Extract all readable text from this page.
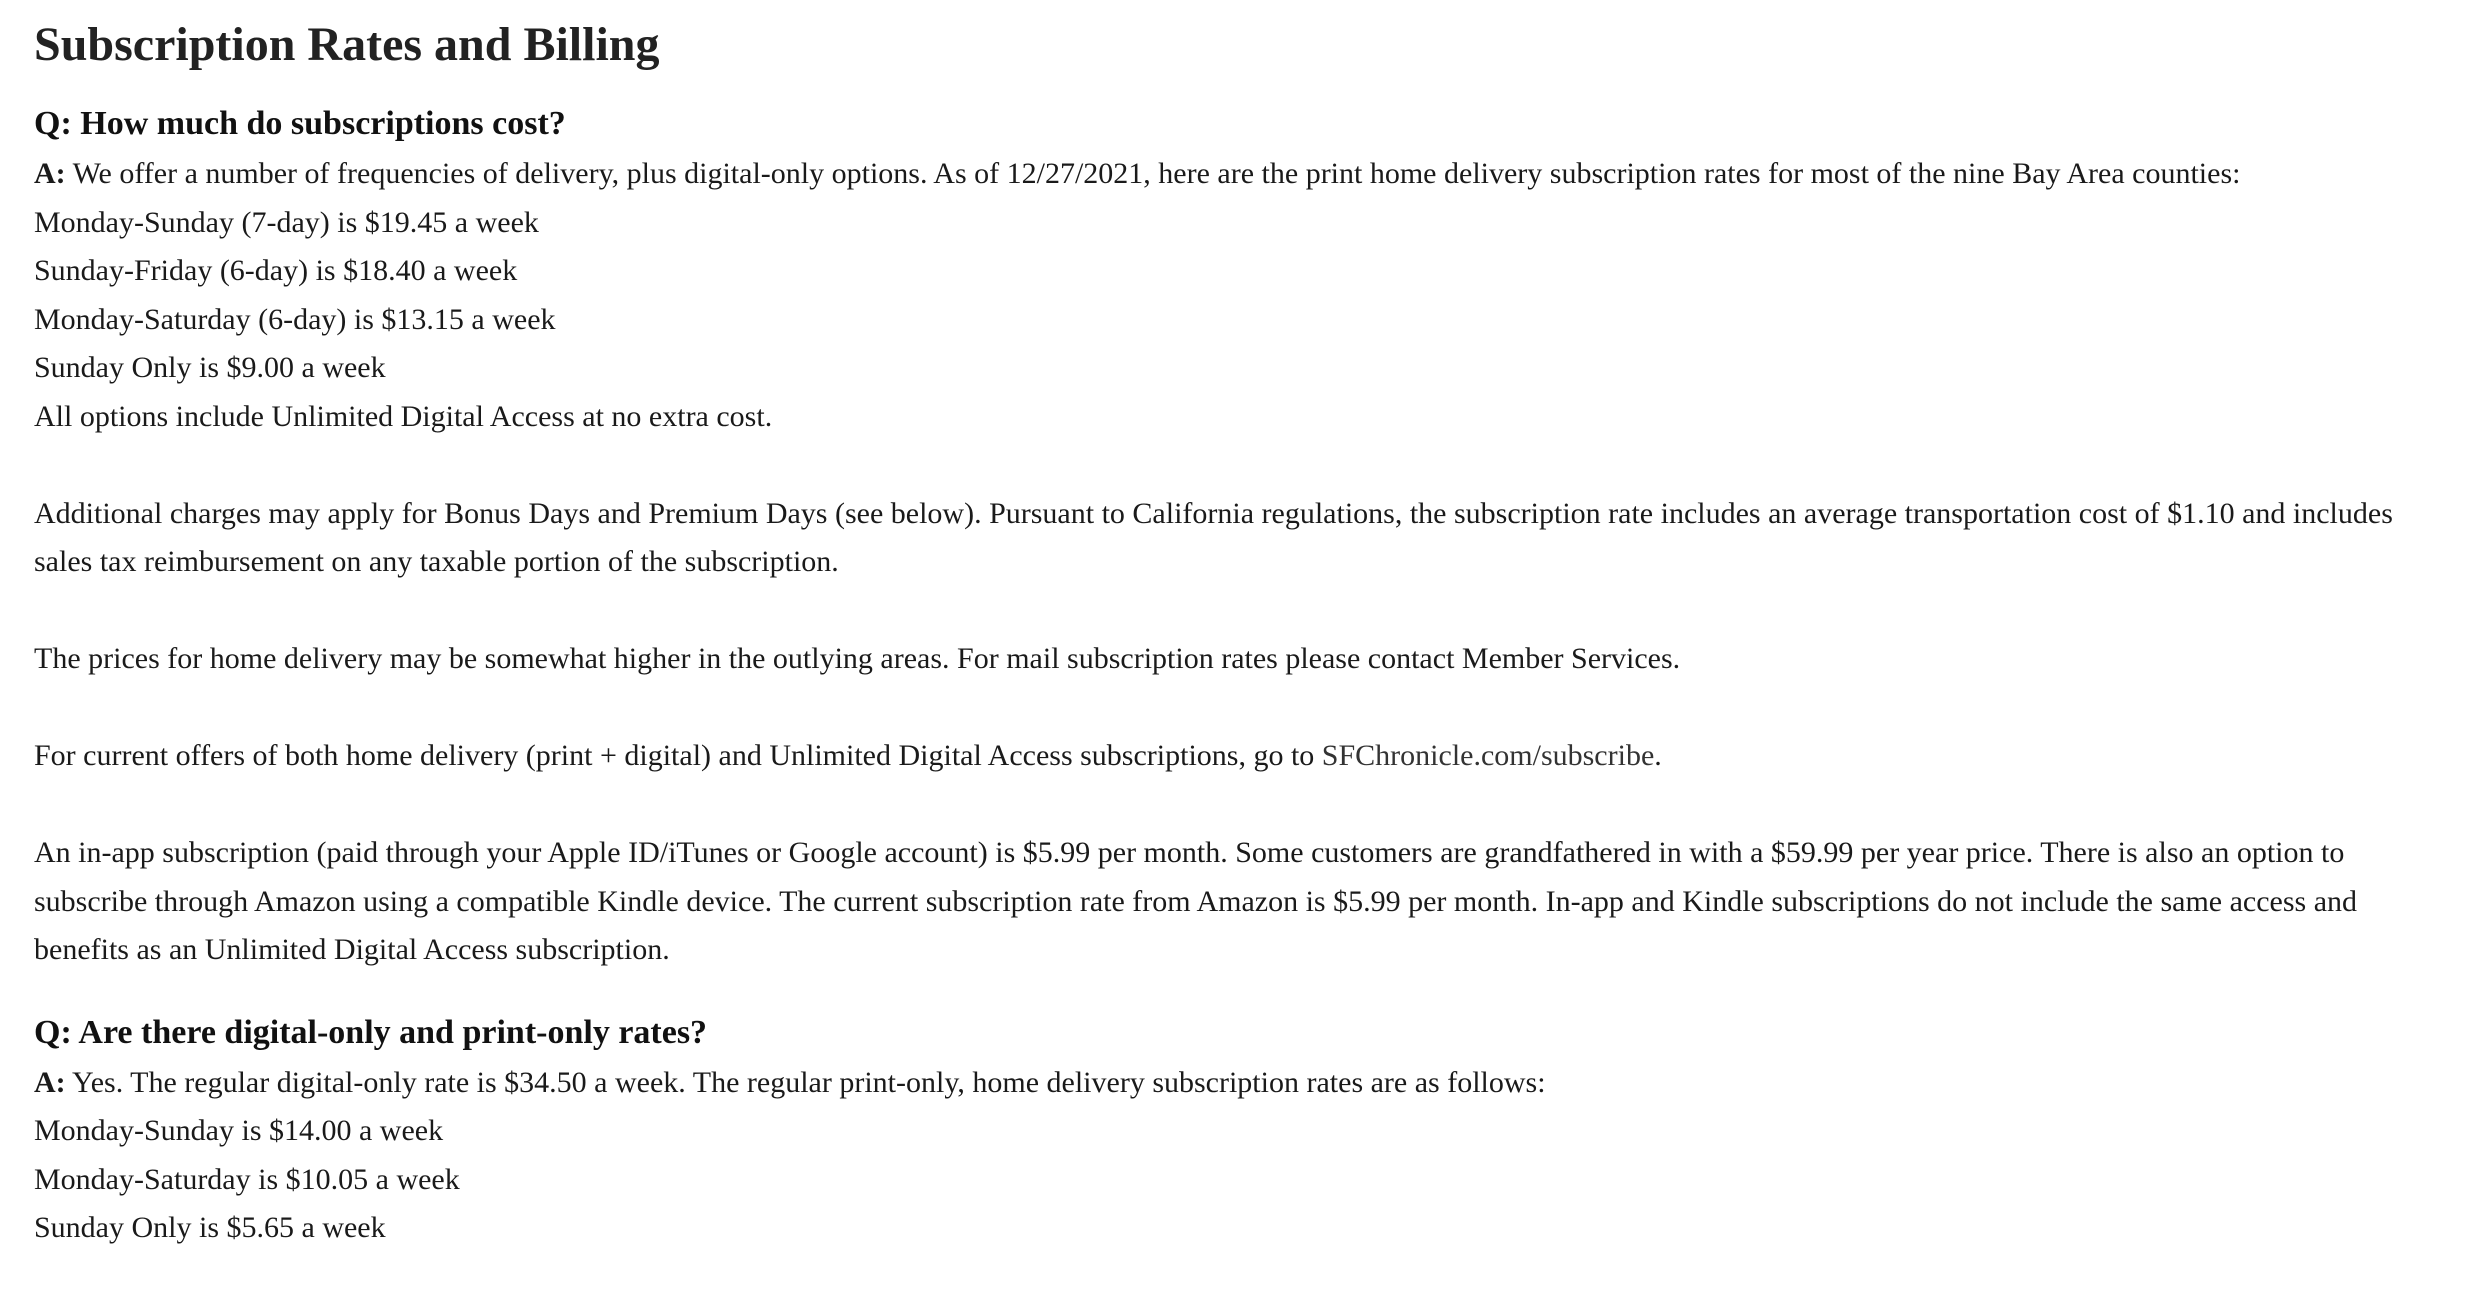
Subscription Rates and Billing
Q: How much do subscriptions cost?

A: We offer a number of frequencies of delivery, plus digital-only options. As of 12/27/2021, here are the print home delivery subscription rates for most of the nine Bay Area counties:

Monday-Sunday (7-day) is $19.45 a week

Sunday-Friday (6-day) is $18.40 a week

Monday-Saturday (6-day) is $13.15 a week

Sunday Only is $9.00 a week

All options include Unlimited Digital Access at no extra cost.

Additional charges may apply for Bonus Days and Premium Days (see below). Pursuant to California regulations, the subscription rate includes an average transportation cost of $1.10 and includes sales tax reimbursement on any taxable portion of the subscription.

The prices for home delivery may be somewhat higher in the outlying areas. For mail subscription rates please contact Member Services.

For current offers of both home delivery (print + digital) and Unlimited Digital Access subscriptions, go to SFChronicle.com/subscribe.

An in-app subscription (paid through your Apple ID/iTunes or Google account) is $5.99 per month. Some customers are grandfathered in with a $59.99 per year price. There is also an option to subscribe through Amazon using a compatible Kindle device. The current subscription rate from Amazon is $5.99 per month. In-app and Kindle subscriptions do not include the same access and benefits as an Unlimited Digital Access subscription.

Q: Are there digital-only and print-only rates?

A: Yes. The regular digital-only rate is $34.50 a week. The regular print-only, home delivery subscription rates are as follows:

Monday-Sunday is $14.00 a week

Monday-Saturday is $10.05 a week

Sunday Only is $5.65 a week
